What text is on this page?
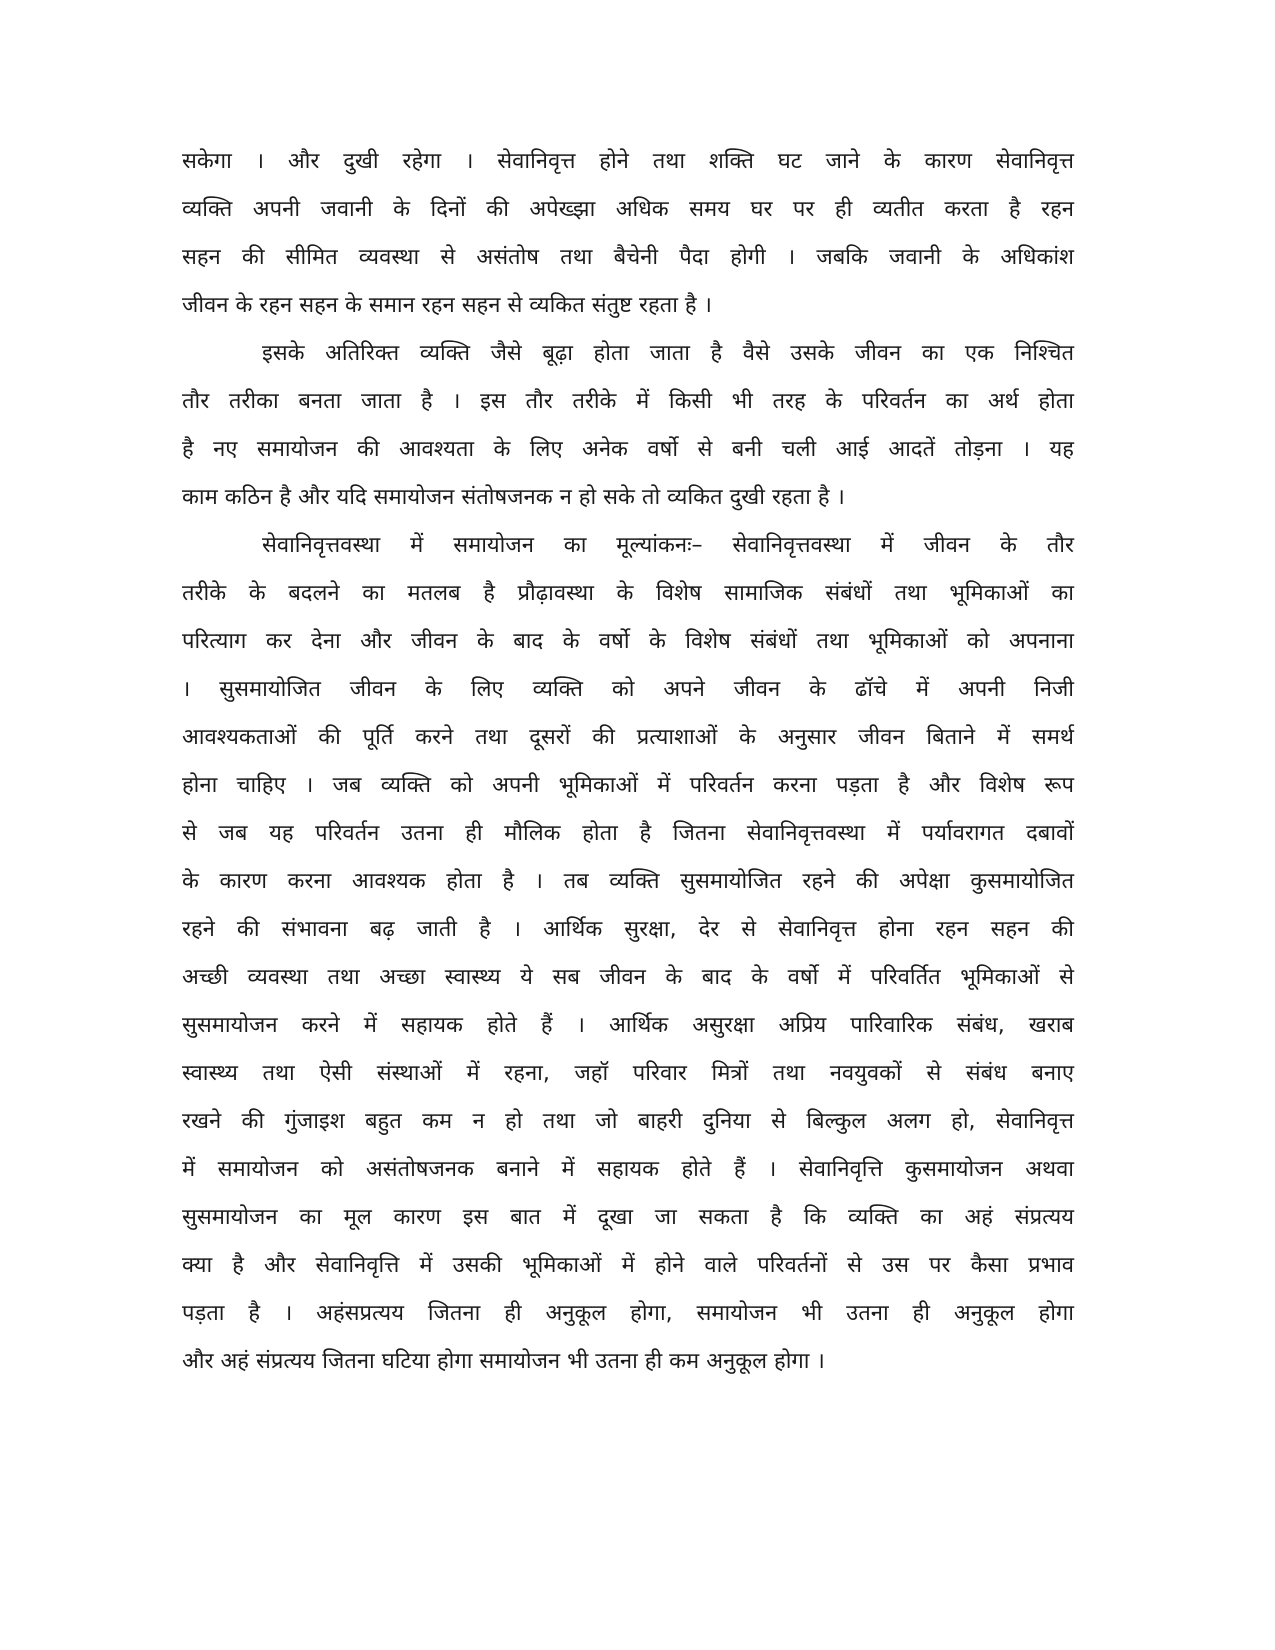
सकेगा । और दुखी रहेगा । सेवानिवृत्त होने तथा शक्ति घट जाने के कारण सेवानिवृत्त
व्यक्ति अपनी जवानी के दिनों की अपेख्झा अधिक समय घर पर ही व्यतीत करता है रहन
सहन की सीमित व्यवस्था से असंतोष तथा बैचेनी पैदा होगी । जबकि जवानी के अधिकांश
जीवन के रहन सहन के समान रहन सहन से व्यकित संतुष्ट रहता है ।

इसके अतिरिक्त व्यक्ति जैसे बूढ़ा होता जाता है वैसे उसके जीवन का एक निश्चित
तौर तरीका बनता जाता है । इस तौर तरीके में किसी भी तरह के परिवर्तन का अर्थ होता
है नए समायोजन की आवश्यता के लिए अनेक वर्षो से बनी चली आई आदतें तोड़ना । यह
काम कठिन है और यदि समायोजन संतोषजनक न हो सके तो व्यकित दुखी रहता है ।

सेवानिवृत्तवस्था में समायोजन का मूल्यांकनः– सेवानिवृत्तवस्था में जीवन के तौर
तरीके के बदलने का मतलब है प्रौढ़ावस्था के विशेष सामाजिक संबंधों तथा भूमिकाओं का
परित्याग कर देना और जीवन के बाद के वर्षो के विशेष संबंधों तथा भूमिकाओं को अपनाना
। सुसमायोजित जीवन के लिए व्यक्ति को अपने जीवन के ढॉचे में अपनी निजी
आवश्यकताओं की पूर्ति करने तथा दूसरों की प्रत्याशाओं के अनुसार जीवन बिताने में समर्थ
होना चाहिए । जब व्यक्ति को अपनी भूमिकाओं में परिवर्तन करना पड़ता है और विशेष रूप
से जब यह परिवर्तन उतना ही मौलिक होता है जितना सेवानिवृत्तवस्था में पर्यावरागत दबावों
के कारण करना आवश्यक होता है । तब व्यक्ति सुसमायोजित रहने की अपेक्षा कुसमायोजित
रहने की संभावना बढ़ जाती है । आर्थिक सुरक्षा, देर से सेवानिवृत्त होना रहन सहन की
अच्छी व्यवस्था तथा अच्छा स्वास्थ्य ये सब जीवन के बाद के वर्षो में परिवर्तित भूमिकाओं से
सुसमायोजन करने में सहायक होते हैं । आर्थिक असुरक्षा अप्रिय पारिवारिक संबंध, खराब
स्वास्थ्य तथा ऐसी संस्थाओं में रहना, जहॉ परिवार मित्रों तथा नवयुवकों से संबंध बनाए
रखने की गुंजाइश बहुत कम न हो तथा जो बाहरी दुनिया से बिल्कुल अलग हो, सेवानिवृत्त
में समायोजन को असंतोषजनक बनाने में सहायक होते हैं । सेवानिवृत्ति कुसमायोजन अथवा
सुसमायोजन का मूल कारण इस बात में दूखा जा सकता है कि व्यक्ति का अहं संप्रत्यय
क्या है और सेवानिवृत्ति में उसकी भूमिकाओं में होने वाले परिवर्तनों से उस पर कैसा प्रभाव
पड़ता है । अहंसप्रत्यय जितना ही अनुकूल होगा, समायोजन भी उतना ही अनुकूल होगा
और अहं संप्रत्यय जितना घटिया होगा समायोजन भी उतना ही कम अनुकूल होगा ।
